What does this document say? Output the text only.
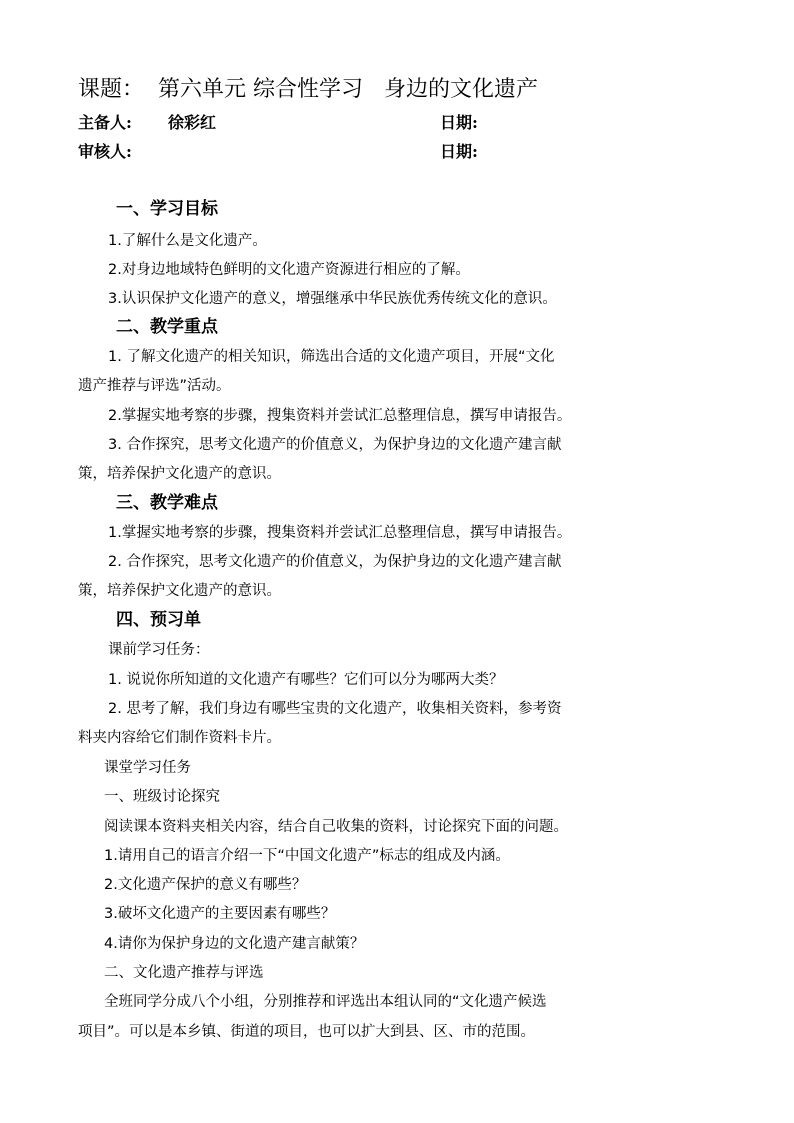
课题：  第六单元 综合性学习   身边的文化遗产
主备人: 徐彩红	日期:
审核人:	日期:
一、学习目标
1.了解什么是文化遗产。
2.对身边地域特色鲜明的文化遗产资源进行相应的了解。
3.认识保护文化遗产的意义，增强继承中华民族优秀传统文化的意识。
二、教学重点
1. 了解文化遗产的相关知识，筛选出合适的文化遗产项目，开展“文化
遗产推荐与评选”活动。
2.掌握实地考察的步骤，搜集资料并尝试汇总整理信息，撰写申请报告。
3. 合作探究，思考文化遗产的价值意义，为保护身边的文化遗产建言献
策，培养保护文化遗产的意识。
三、教学难点
1.掌握实地考察的步骤，搜集资料并尝试汇总整理信息，撰写申请报告。
2. 合作探究，思考文化遗产的价值意义，为保护身边的文化遗产建言献
策，培养保护文化遗产的意识。
四、预习单
课前学习任务：
1. 说说你所知道的文化遗产有哪些？它们可以分为哪两大类？
2. 思考了解，我们身边有哪些宝贵的文化遗产，收集相关资料，参考资
料夹内容给它们制作资料卡片。
课堂学习任务
一、班级讨论探究
阅读课本资料夹相关内容，结合自己收集的资料，讨论探究下面的问题。
1.请用自己的语言介绍一下“中国文化遗产”标志的组成及内涵。
2.文化遗产保护的意义有哪些？
3.破坏文化遗产的主要因素有哪些？
4.请你为保护身边的文化遗产建言献策？
二、文化遗产推荐与评选
全班同学分成八个小组，分别推荐和评选出本组认同的“文化遗产候选
项目”。可以是本乡镇、街道的项目，也可以扩大到县、区、市的范围。
